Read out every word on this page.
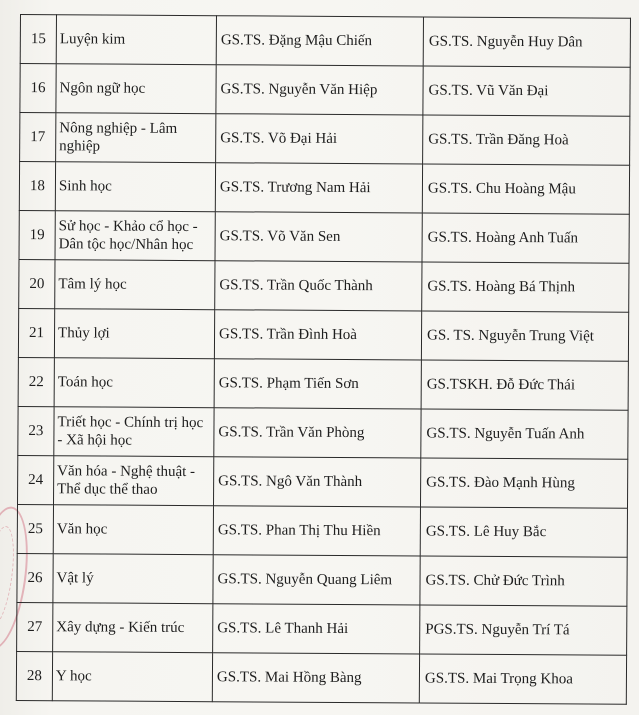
15	Luyện kim	GS.TS. Đặng Mậu Chiến	GS.TS. Nguyễn Huy Dân
16	Ngôn ngữ học	GS.TS. Nguyễn Văn Hiệp	GS.TS. Vũ Văn Đại
17	Nông nghiệp - Lâm nghiệp	GS.TS. Võ Đại Hải	GS.TS. Trần Đăng Hoà
18	Sinh học	GS.TS. Trương Nam Hải	GS.TS. Chu Hoàng Mậu
19	Sử học - Khảo cổ học - Dân tộc học/Nhân học	GS.TS. Võ Văn Sen	GS.TS. Hoàng Anh Tuấn
20	Tâm lý học	GS.TS. Trần Quốc Thành	GS.TS. Hoàng Bá Thịnh
21	Thủy lợi	GS.TS. Trần Đình Hoà	GS. TS. Nguyễn Trung Việt
22	Toán học	GS.TS. Phạm Tiến Sơn	GS.TSKH. Đỗ Đức Thái
23	Triết học - Chính trị học - Xã hội học	GS.TS. Trần Văn Phòng	GS.TS. Nguyễn Tuấn Anh
24	Văn hóa - Nghệ thuật - Thể dục thể thao	GS.TS. Ngô Văn Thành	GS.TS. Đào Mạnh Hùng
25	Văn học	GS.TS. Phan Thị Thu Hiền	GS.TS. Lê Huy Bắc
26	Vật lý	GS.TS. Nguyễn Quang Liêm	GS.TS. Chử Đức Trình
27	Xây dựng - Kiến trúc	GS.TS. Lê Thanh Hải	PGS.TS. Nguyễn Trí Tá
28	Y học	GS.TS. Mai Hồng Bàng	GS.TS. Mai Trọng Khoa
